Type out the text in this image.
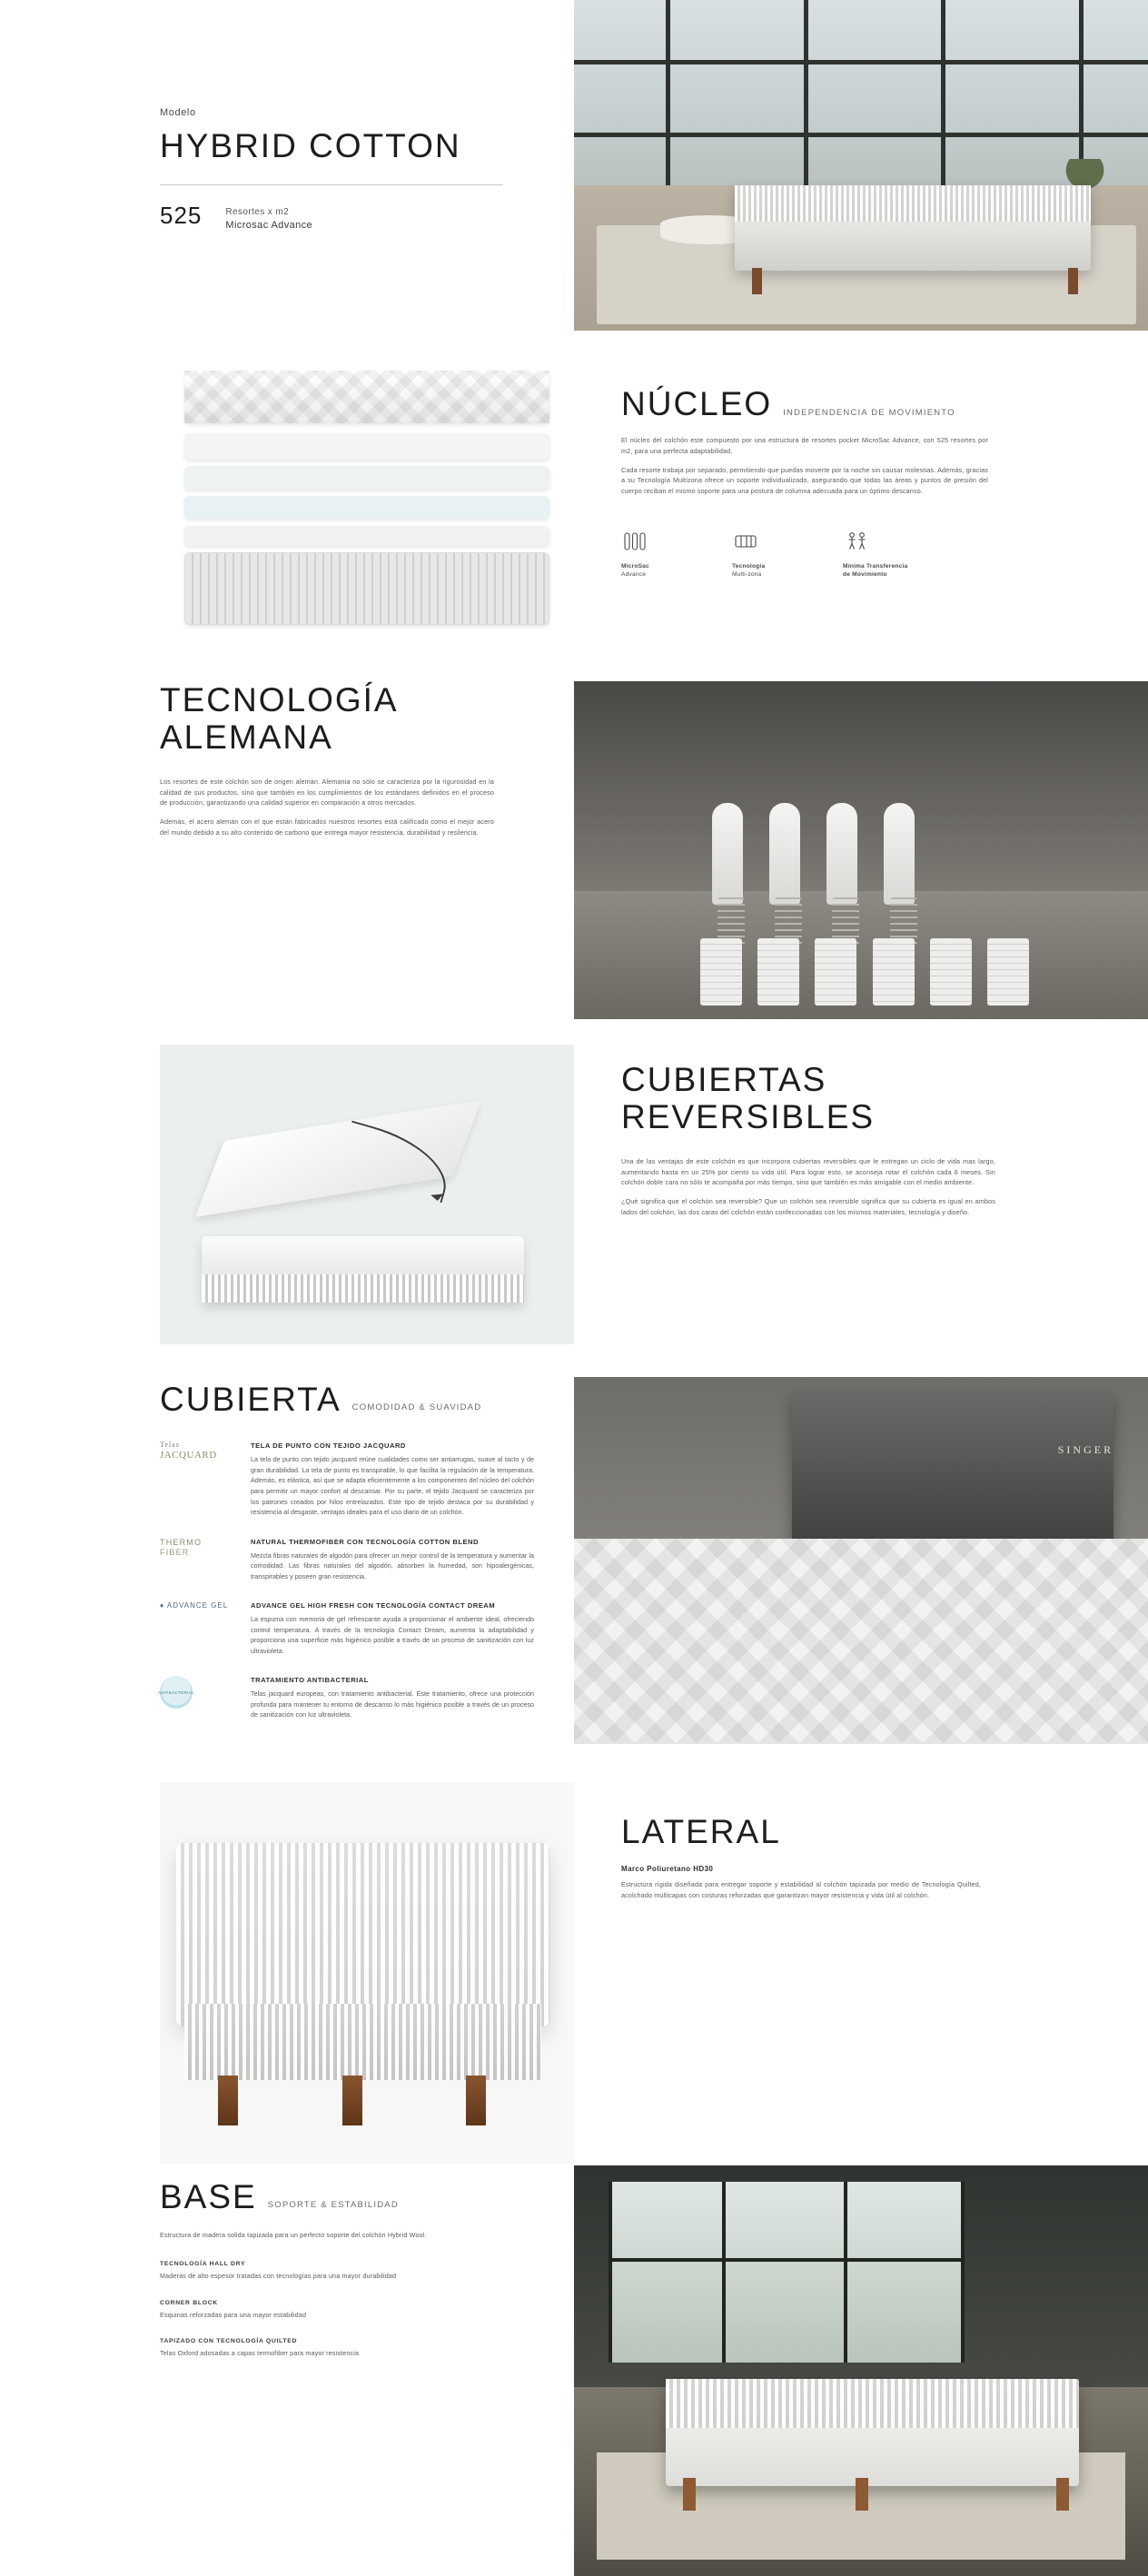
Modelo
HYBRID COTTON
525	Resortes x m2
Microsac Advance
NÚCLEO INDEPENDENCIA DE MOVIMIENTO
El núcleo del colchón este compuesto por una estructura de resortes pocket MicroSac Advance, con 525 resortes por m2, para una perfecta adaptabilidad.
Cada resorte trabaja por separado, permitiendo que puedas moverte por la noche sin causar molestias. Además, gracias a su Tecnología Multizona ofrece un soporte individualizado, asegurando que todas las áreas y puntos de presión del cuerpo reciban el mismo soporte para una postura de columna adecuada para un óptimo descanso.
MicroSac
Advance
Tecnología
Multi-zona
Mínima Transferencia
de Movimiento
TECNOLOGÍA
ALEMANA
Los resortes de este colchón son de origen alemán. Alemania no sólo se caracteriza por la rigurosidad en la calidad de sus productos, sino que también en los cumplimientos de los estándares definidos en el proceso de producción, garantizando una calidad superior en comparación a otros mercados.
Además, el acero alemán con el que están fabricados nuestros resortes está calificado como el mejor acero del mundo debido a su alto contenido de carbono que entrega mayor resistencia, durabilidad y resilencia.
CUBIERTAS
REVERSIBLES
Una de las ventajas de este colchón es que incorpora cubiertas reversibles que le entregan un ciclo de vida mas largo, aumentando hasta en un 25% por ciento su vida útil. Para lograr esto, se aconseja rotar el colchón cada 6 meses. Sin colchón doble cara no sólo te acompaña por más tiempo, sino que también es más amigable con el medio ambiente.
¿Qué significa que el colchón sea reversible? Que un colchón sea reversible significa que su cubierta es igual en ambos lados del colchón, las dos caras del colchón están confeccionadas con los mismos materiales, tecnología y diseño.
CUBIERTA COMODIDAD & SUAVIDAD
Telas
JACQUARD
TELA DE PUNTO CON TEJIDO JACQUARD
La tela de punto con tejido jacquard reúne cualidades como ser antiarrugas, suave al tacto y de gran durabilidad. La tela de punto es transpirable, lo que facilita la regulación de la temperatura. Además, es elástica, así que se adapta eficientemente a los componentes del núcleo del colchón para permitir un mayor confort al descansar. Por su parte, el tejido Jacquard se caracteriza por los patrones creados por hilos entrelazados. Este tipo de tejido destaca por su durabilidad y resistencia al desgaste, ventajas ideales para el uso diario de un colchón.
THERMO
FIBER
NATURAL THERMOFIBER CON TECNOLOGÍA COTTON BLEND
Mezcla fibras naturales de algodón para ofrecer un mejor control de la temperatura y aumentar la comodidad. Las fibras naturales del algodón, absorben la humedad, son hipoalergénicas, transpirables y poseen gran resistencia.
♦ ADVANCE GEL	ADVANCE GEL HIGH FRESH CON TECNOLOGÍA CONTACT DREAM
La espuma con memoria de gel refrescante ayuda a proporcionar el ambiente ideal, ofreciendo control temperatura. A través de la tecnología Contact Dream, aumenta la adaptabilidad y proporciona una superficie más higiénico posible a través de un proceso de sanitización con luz ultravioleta.
ANTIBACTERIAL
TRATAMIENTO ANTIBACTERIAL
Telas jacquard europeas, con tratamiento antibacterial. Este tratamiento, ofrece una protección profunda para mantener tu entorno de descanso lo más higiénico posible a través de un proceso de sanitización con luz ultravioleta.
SINGER
LATERAL
Marco Poliuretano HD30
Estructura rígida diseñada para entregar soporte y estabilidad al colchón tapizada por medio de Tecnología Quilted, acolchado multicapas con costuras reforzadas que garantizan mayor resistencia y vida útil al colchón.
BASE SOPORTE & ESTABILIDAD
Estructura de madera solida tapizada para un perfecto soporte del colchón Hybrid Wool.
TECNOLOGÍA HALL DRY
Maderas de alto espesor tratadas con tecnologías para una mayor durabilidad
CORNER BLOCK
Esquinas reforzadas para una mayor estabilidad
TAPIZADO CON TECNOLOGÍA QUILTED
Telas Oxford adosadas a capas termofiber para mayor resistencia
